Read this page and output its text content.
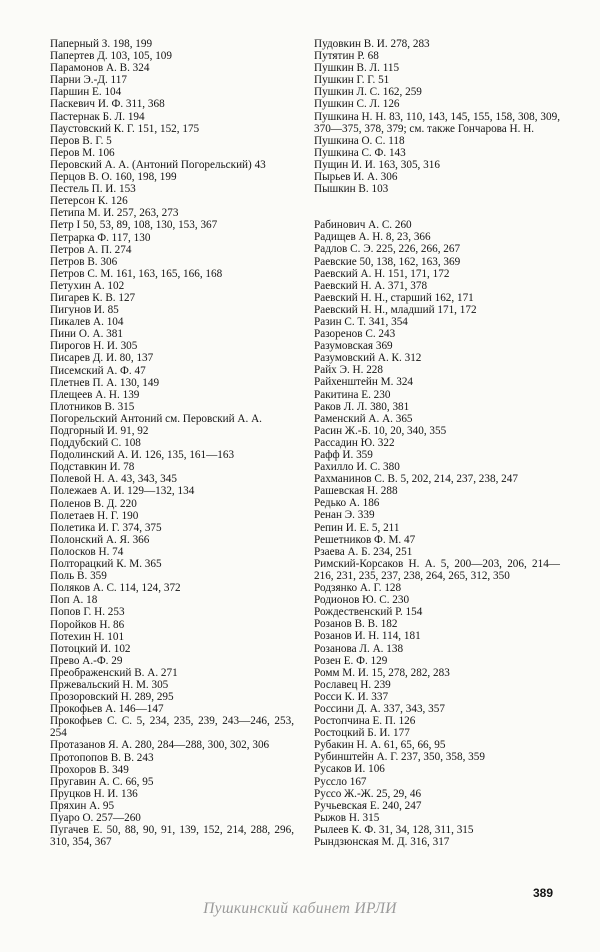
Паперный З. 198, 199
Папертев Д. 103, 105, 109
Парамонов А. В. 324
Парни Э.-Д. 117
Паршин Е. 104
Паскевич И. Ф. 311, 368
Пастернак Б. Л. 194
Паустовский К. Г. 151, 152, 175
Перов В. Г. 5
Перов М. 106
Перовский А. А. (Антоний Погорельский) 43
Перцов В. О. 160, 198, 199
Пестель П. И. 153
Петерсон К. 126
Петипа М. И. 257, 263, 273
Петр I 50, 53, 89, 108, 130, 153, 367
Петрарка Ф. 117, 130
Петров А. П. 274
Петров В. 306
Петров С. М. 161, 163, 165, 166, 168
Петухин А. 102
Пигарев К. В. 127
Пигунов И. 85
Пикалев А. 104
Пини О. А. 381
Пирогов Н. И. 305
Писарев Д. И. 80, 137
Писемский А. Ф. 47
Плетнев П. А. 130, 149
Плещеев А. Н. 139
Плотников В. 315
Погорельский Антоний см. Перовский А. А.
Подгорный И. 91, 92
Поддубский С. 108
Подолинский А. И. 126, 135, 161—163
Подставкин И. 78
Полевой Н. А. 43, 343, 345
Полежаев А. И. 129—132, 134
Поленов В. Д. 220
Полетаев Н. Г. 190
Полетика И. Г. 374, 375
Полонский А. Я. 366
Полосков Н. 74
Полторацкий К. М. 365
Поль В. 359
Поляков А. С. 114, 124, 372
Поп А. 18
Попов Г. Н. 253
Поройков Н. 86
Потехин Н. 101
Потоцкий И. 102
Прево А.-Ф. 29
Преображенский В. А. 271
Пржевальский Н. М. 305
Прозоровский Н. 289, 295
Прокофьев А. 146—147
Прокофьев С. С. 5, 234, 235, 239, 243—246, 253, 254
Протазанов Я. А. 280, 284—288, 300, 302, 306
Протопопов В. В. 243
Прохоров В. 349
Пругавин А. С. 66, 95
Пруцков Н. И. 136
Пряхин А. 95
Пуаро О. 257—260
Пугачев Е. 50, 88, 90, 91, 139, 152, 214, 288, 296, 310, 354, 367
Пудовкин В. И. 278, 283
Путятин Р. 68
Пушкин В. Л. 115
Пушкин Г. Г. 51
Пушкин Л. С. 162, 259
Пушкин С. Л. 126
Пушкина Н. Н. 83, 110, 143, 145, 155, 158, 308, 309, 370—375, 378, 379; см. также Гончарова Н. Н.
Пушкина О. С. 118
Пушкина С. Ф. 143
Пущин И. И. 163, 305, 316
Пырьев И. А. 306
Пышкин В. 103
Рабинович А. С. 260
Радищев А. Н. 8, 23, 366
Радлов С. Э. 225, 226, 266, 267
Раевские 50, 138, 162, 163, 369
Раевский А. Н. 151, 171, 172
Раевский Н. А. 371, 378
Раевский Н. Н., старший 162, 171
Раевский Н. Н., младший 171, 172
Разин С. Т. 341, 354
Разоренов С. 243
Разумовская 369
Разумовский А. К. 312
Райх Э. Н. 228
Райхенштейн М. 324
Ракитина Е. 230
Раков Л. Л. 380, 381
Раменский А. А. 365
Расин Ж.-Б. 10, 20, 340, 355
Рассадин Ю. 322
Рафф И. 359
Рахилло И. С. 380
Рахманинов С. В. 5, 202, 214, 237, 238, 247
Рашевская Н. 288
Редько А. 186
Ренан Э. 339
Репин И. Е. 5, 211
Решетников Ф. М. 47
Рзаева А. Б. 234, 251
Римский-Корсаков Н. А. 5, 200—203, 206, 214—216, 231, 235, 237, 238, 264, 265, 312, 350
Родзянко А. Г. 128
Родионов Ю. С. 230
Рождественский Р. 154
Розанов В. В. 182
Розанов И. Н. 114, 181
Розанова Л. А. 138
Розен Е. Ф. 129
Ромм М. И. 15, 278, 282, 283
Рославец Н. 239
Росси К. И. 337
Россини Д. А. 337, 343, 357
Ростопчина Е. П. 126
Ростоцкий Б. И. 177
Рубакин Н. А. 61, 65, 66, 95
Рубинштейн А. Г. 237, 350, 358, 359
Русаков И. 106
Руссло 167
Руссо Ж.-Ж. 25, 29, 46
Ручьевская Е. 240, 247
Рыжов Н. 315
Рылеев К. Ф. 31, 34, 128, 311, 315
Рындзюнская М. Д. 316, 317
389
Пушкинский кабинет ИРЛИ
